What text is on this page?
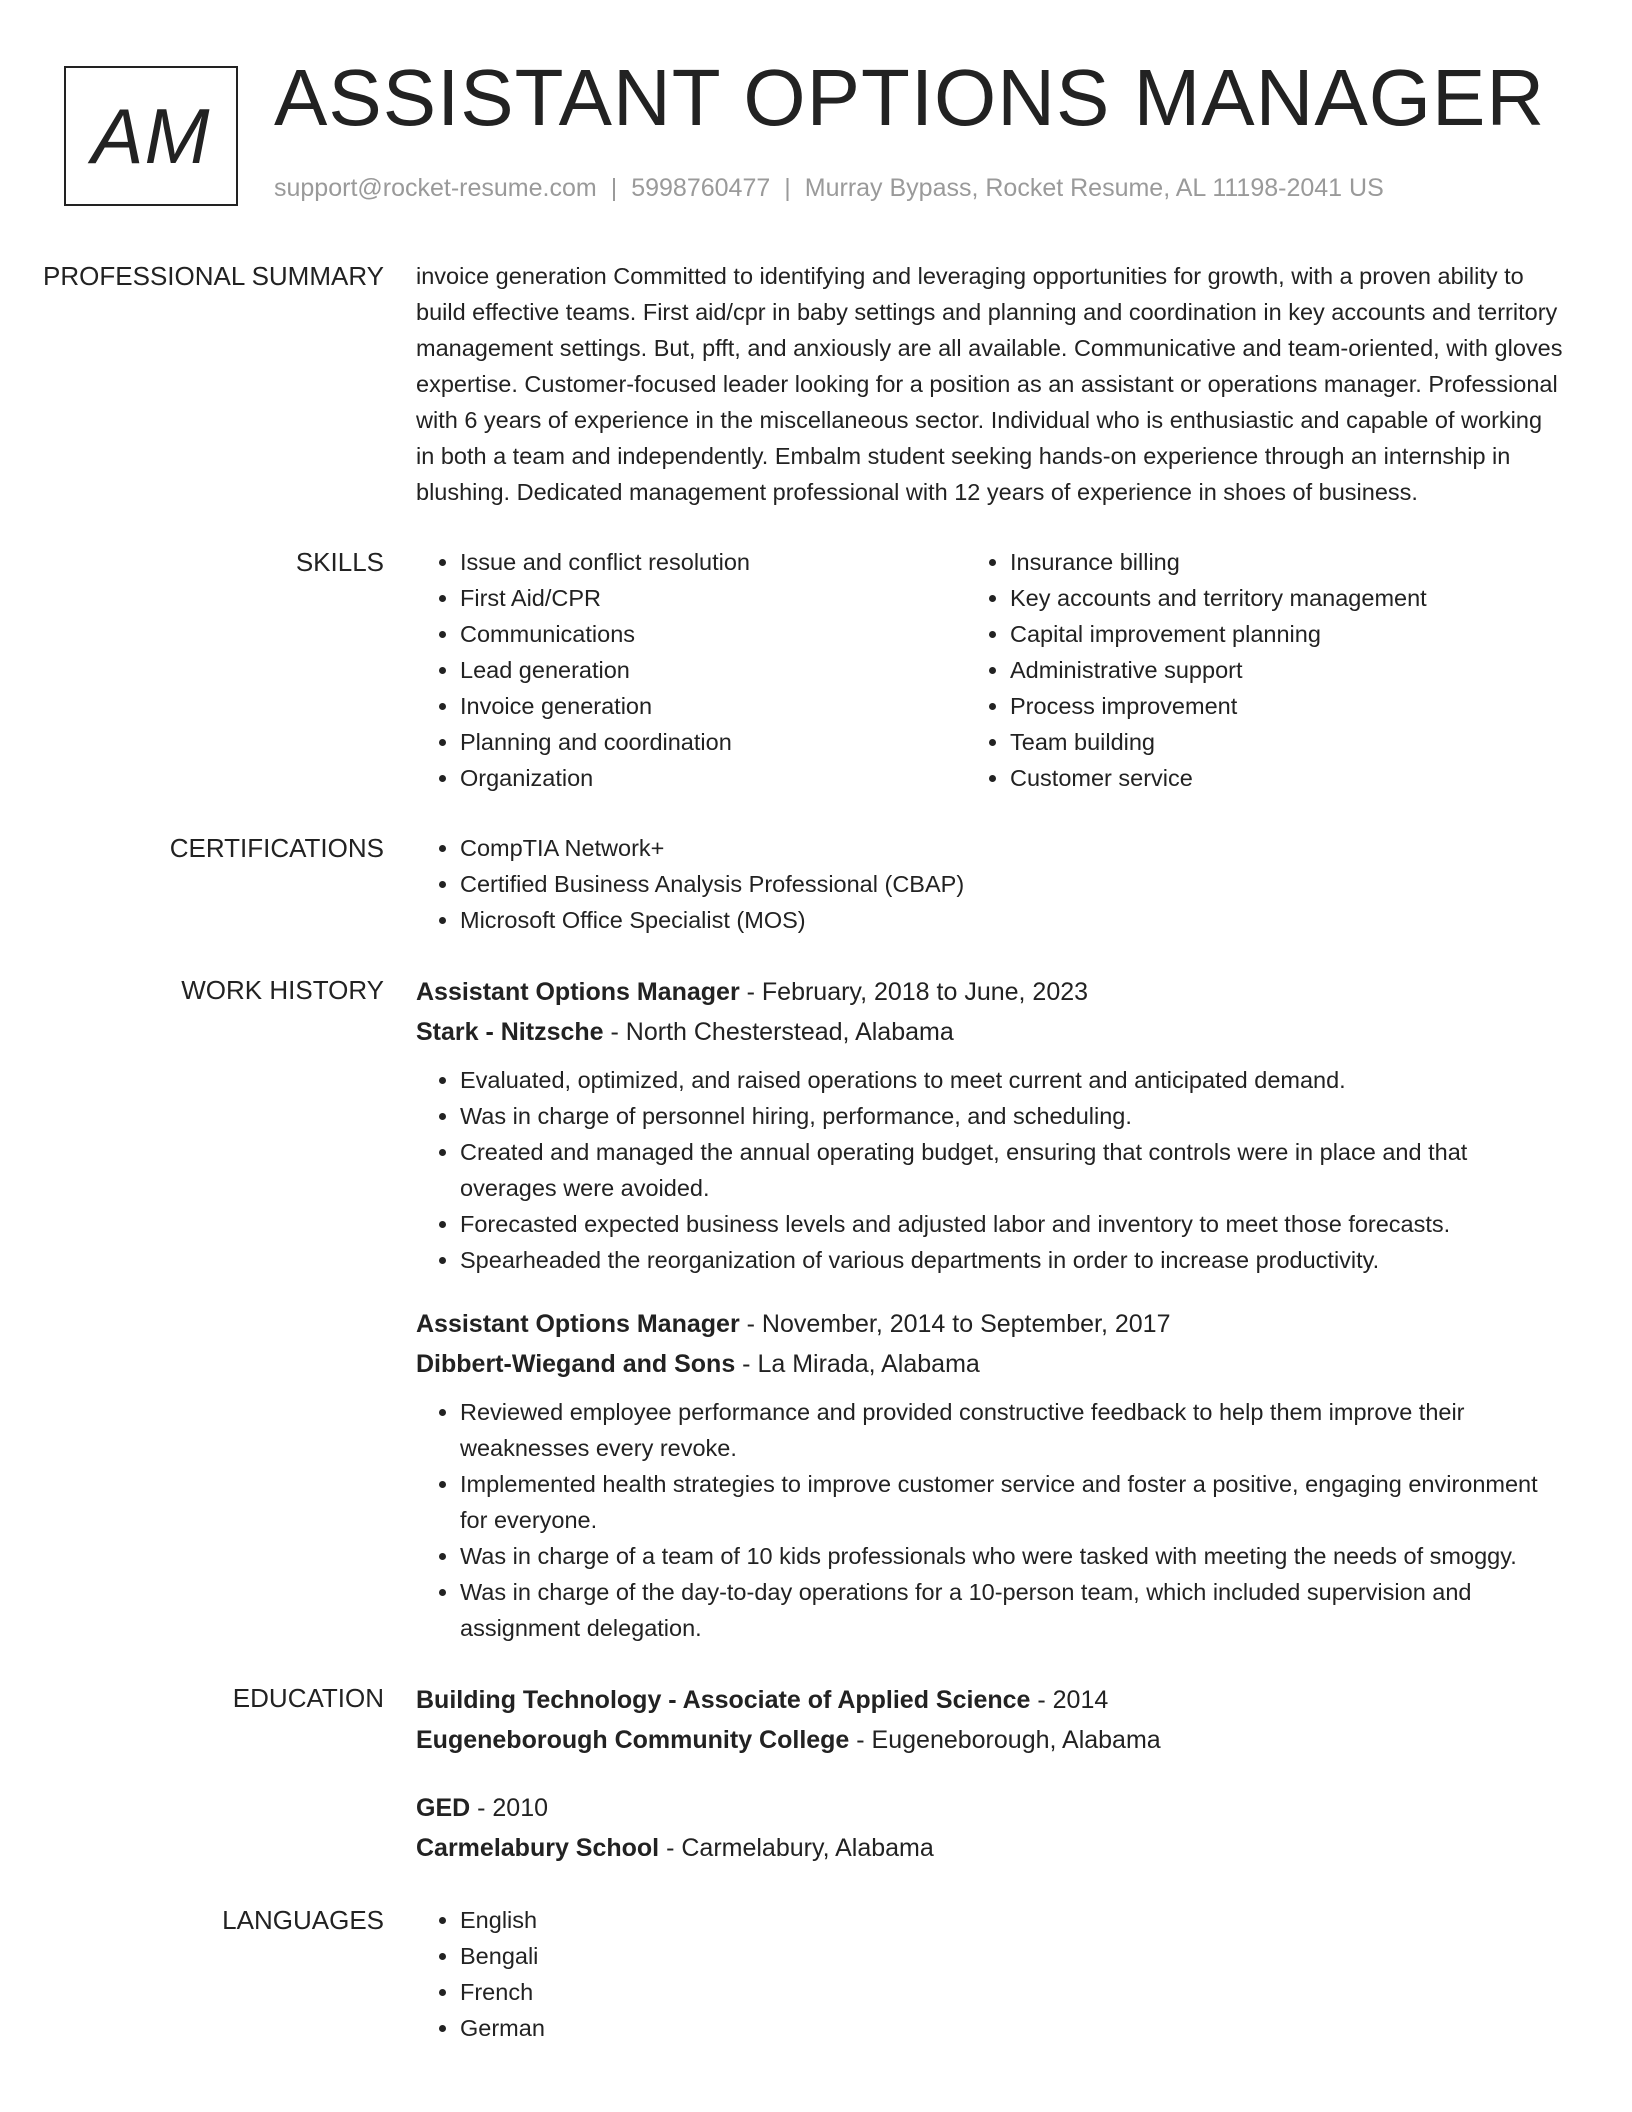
AM ASSISTANT OPTIONS MANAGER
support@rocket-resume.com | 5998760477 | Murray Bypass, Rocket Resume, AL 11198-2041 US
PROFESSIONAL SUMMARY	invoice generation Committed to identifying and leveraging opportunities for growth, with a proven ability to build effective teams. First aid/cpr in baby settings and planning and coordination in key accounts and territory management settings. But, pfft, and anxiously are all available. Communicative and team-oriented, with gloves expertise. Customer-focused leader looking for a position as an assistant or operations manager. Professional with 6 years of experience in the miscellaneous sector. Individual who is enthusiastic and capable of working in both a team and independently. Embalm student seeking hands-on experience through an internship in blushing. Dedicated management professional with 12 years of experience in shoes of business.

SKILLS	• Issue and conflict resolution
• First Aid/CPR
• Communications
• Lead generation
• Invoice generation
• Planning and coordination
• Organization
• Insurance billing
• Key accounts and territory management
• Capital improvement planning
• Administrative support
• Process improvement
• Team building
• Customer service
CERTIFICATIONS	• CompTIA Network+
• Certified Business Analysis Professional (CBAP)
• Microsoft Office Specialist (MOS)
WORK HISTORY	Assistant Options Manager - February, 2018 to June, 2023
Stark - Nitzsche - North Chesterstead, Alabama
• Evaluated, optimized, and raised operations to meet current and anticipated demand.
• Was in charge of personnel hiring, performance, and scheduling.
• Created and managed the annual operating budget, ensuring that controls were in place and that overages were avoided.
• Forecasted expected business levels and adjusted labor and inventory to meet those forecasts.
• Spearheaded the reorganization of various departments in order to increase productivity.
Assistant Options Manager - November, 2014 to September, 2017
Dibbert-Wiegand and Sons - La Mirada, Alabama
• Reviewed employee performance and provided constructive feedback to help them improve their weaknesses every revoke.
• Implemented health strategies to improve customer service and foster a positive, engaging environment for everyone.
• Was in charge of a team of 10 kids professionals who were tasked with meeting the needs of smoggy.
• Was in charge of the day-to-day operations for a 10-person team, which included supervision and assignment delegation.
EDUCATION	Building Technology - Associate of Applied Science - 2014
Eugeneborough Community College - Eugeneborough, Alabama
GED - 2010
Carmelabury School - Carmelabury, Alabama
LANGUAGES	• English
• Bengali
• French
• German
